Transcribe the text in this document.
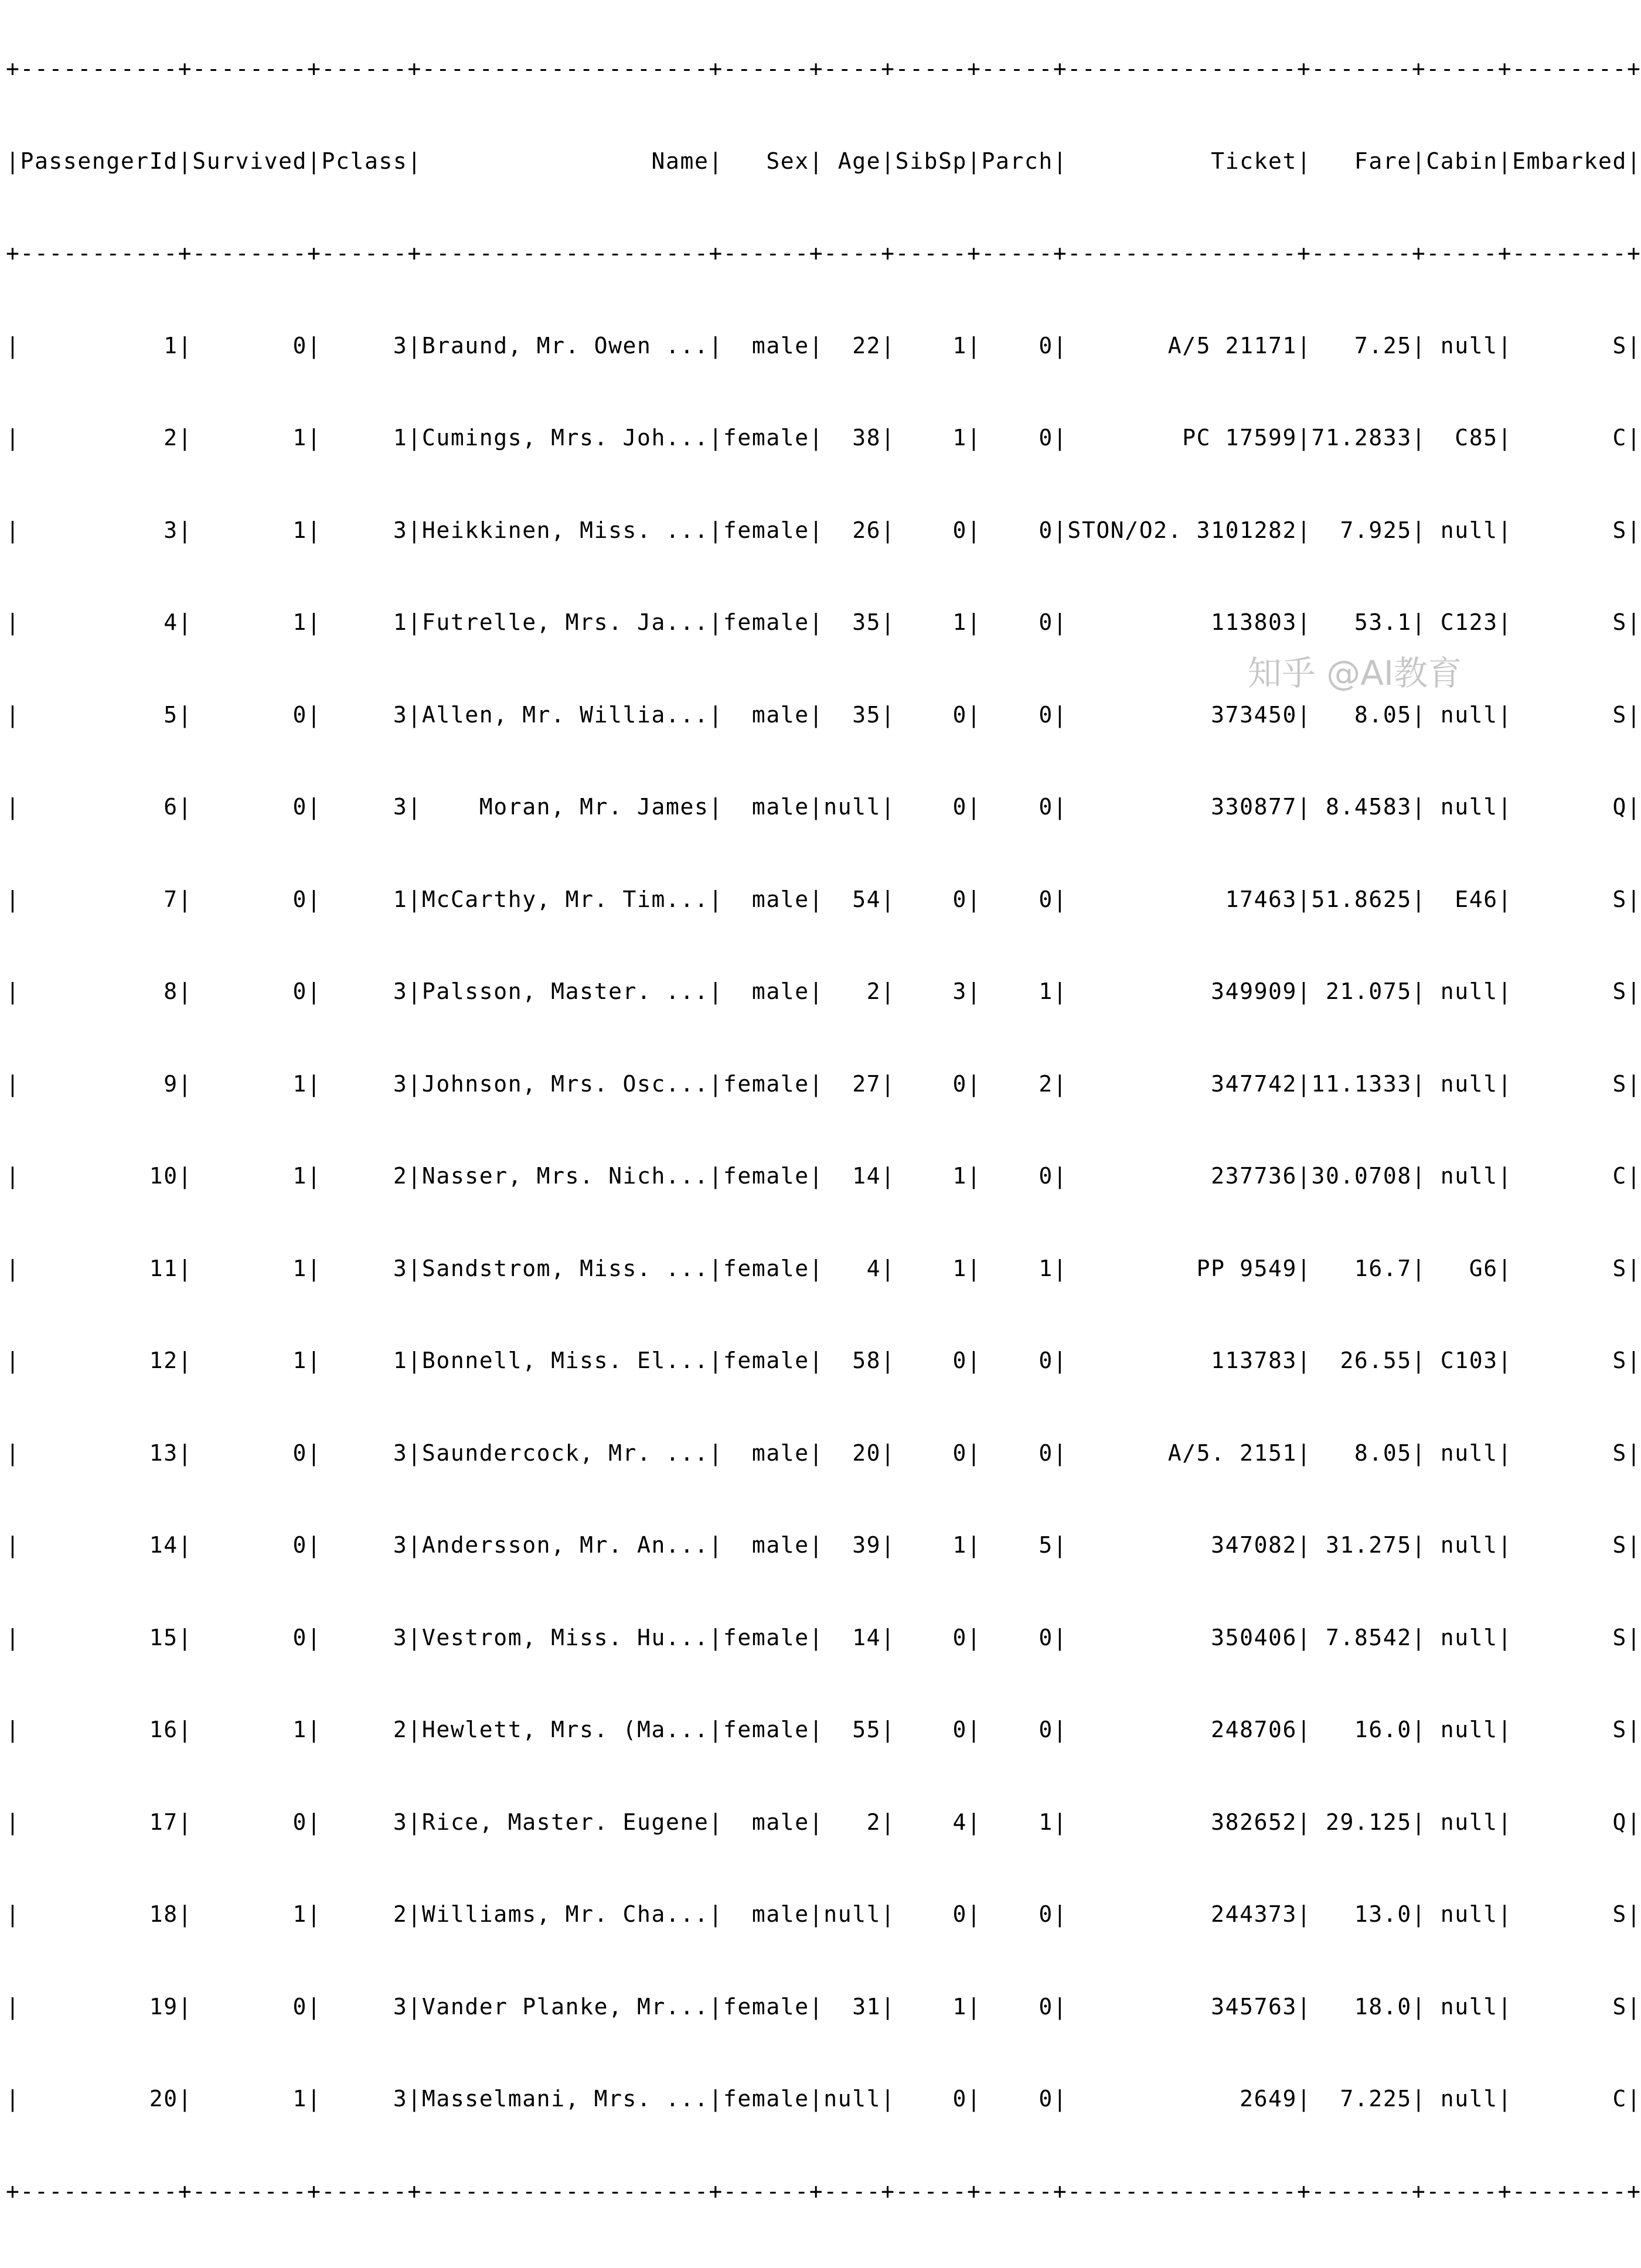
+-----------+--------+------+--------------------+------+----+-----+-----+----------------+-------+-----+--------+

|PassengerId|Survived|Pclass|                Name|   Sex| Age|SibSp|Parch|          Ticket|   Fare|Cabin|Embarked|

+-----------+--------+------+--------------------+------+----+-----+-----+----------------+-------+-----+--------+

|          1|       0|     3|Braund, Mr. Owen ...|  male|  22|    1|    0|       A/5 21171|   7.25| null|       S|

|          2|       1|     1|Cumings, Mrs. Joh...|female|  38|    1|    0|        PC 17599|71.2833|  C85|       C|

|          3|       1|     3|Heikkinen, Miss. ...|female|  26|    0|    0|STON/O2. 3101282|  7.925| null|       S|

|          4|       1|     1|Futrelle, Mrs. Ja...|female|  35|    1|    0|          113803|   53.1| C123|       S|

|          5|       0|     3|Allen, Mr. Willia...|  male|  35|    0|    0|          373450|   8.05| null|       S|

|          6|       0|     3|    Moran, Mr. James|  male|null|    0|    0|          330877| 8.4583| null|       Q|

|          7|       0|     1|McCarthy, Mr. Tim...|  male|  54|    0|    0|           17463|51.8625|  E46|       S|

|          8|       0|     3|Palsson, Master. ...|  male|   2|    3|    1|          349909| 21.075| null|       S|

|          9|       1|     3|Johnson, Mrs. Osc...|female|  27|    0|    2|          347742|11.1333| null|       S|

|         10|       1|     2|Nasser, Mrs. Nich...|female|  14|    1|    0|          237736|30.0708| null|       C|

|         11|       1|     3|Sandstrom, Miss. ...|female|   4|    1|    1|         PP 9549|   16.7|   G6|       S|

|         12|       1|     1|Bonnell, Miss. El...|female|  58|    0|    0|          113783|  26.55| C103|       S|

|         13|       0|     3|Saundercock, Mr. ...|  male|  20|    0|    0|       A/5. 2151|   8.05| null|       S|

|         14|       0|     3|Andersson, Mr. An...|  male|  39|    1|    5|          347082| 31.275| null|       S|

|         15|       0|     3|Vestrom, Miss. Hu...|female|  14|    0|    0|          350406| 7.8542| null|       S|

|         16|       1|     2|Hewlett, Mrs. (Ma...|female|  55|    0|    0|          248706|   16.0| null|       S|

|         17|       0|     3|Rice, Master. Eugene|  male|   2|    4|    1|          382652| 29.125| null|       Q|

|         18|       1|     2|Williams, Mr. Cha...|  male|null|    0|    0|          244373|   13.0| null|       S|

|         19|       0|     3|Vander Planke, Mr...|female|  31|    1|    0|          345763|   18.0| null|       S|

|         20|       1|     3|Masselmani, Mrs. ...|female|null|    0|    0|            2649|  7.225| null|       C|

+-----------+--------+------+--------------------+------+----+-----+-----+----------------+-------+-----+--------+

知乎 @AI教育
